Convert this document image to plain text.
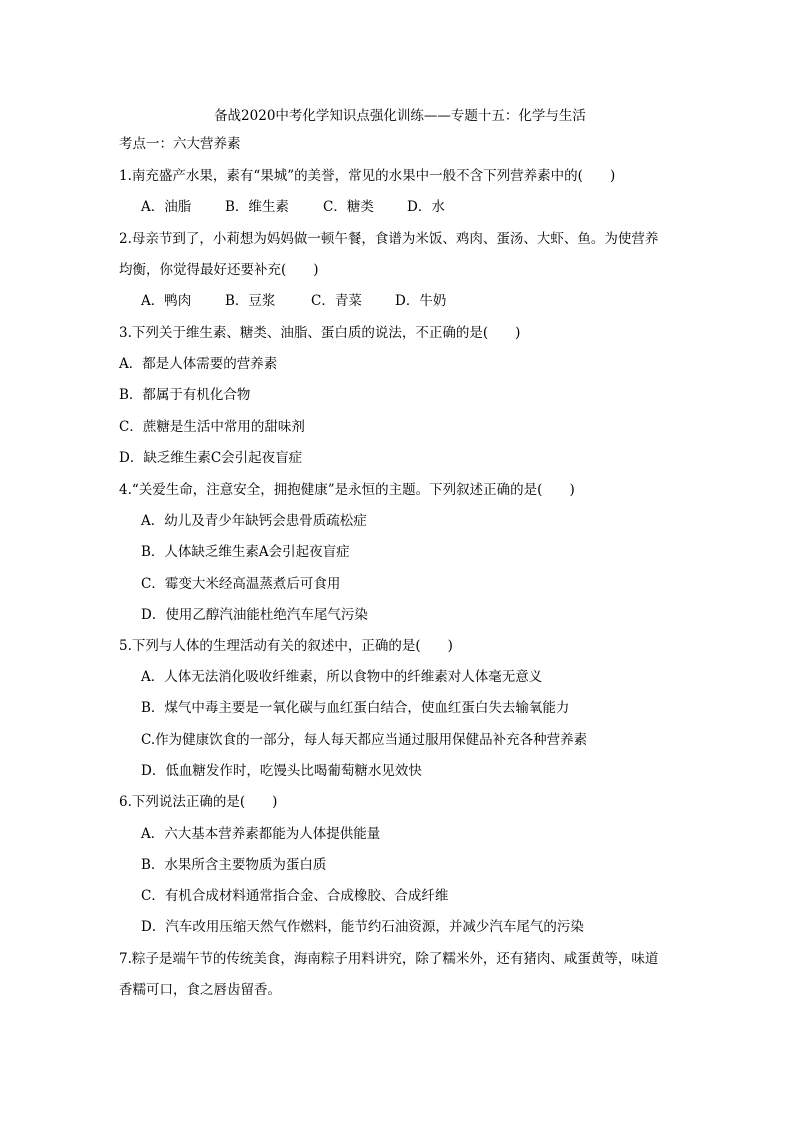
备战2020中考化学知识点强化训练——专题十五：化学与生活
考点一：六大营养素
1.南充盛产水果，素有“果城”的美誉，常见的水果中一般不含下列营养素中的(　　)
A．油脂	B．维生素	C．糖类 D．水
2.母亲节到了，小莉想为妈妈做一顿午餐，食谱为米饭、鸡肉、蛋汤、大虾、鱼。为使营养
均衡，你觉得最好还要补充(　　)
A．鸭肉	B．豆浆	C．青菜 D．牛奶
3.下列关于维生素、糖类、油脂、蛋白质的说法，不正确的是(　　)
A．都是人体需要的营养素
B．都属于有机化合物
C．蔗糖是生活中常用的甜味剂
D．缺乏维生素C会引起夜盲症
4.“关爱生命，注意安全，拥抱健康”是永恒的主题。下列叙述正确的是(　　)
A．幼儿及青少年缺钙会患骨质疏松症
B．人体缺乏维生素A会引起夜盲症
C．霉变大米经高温蒸煮后可食用
D．使用乙醇汽油能杜绝汽车尾气污染
5.下列与人体的生理活动有关的叙述中，正确的是(　　)
A．人体无法消化吸收纤维素，所以食物中的纤维素对人体毫无意义
B．煤气中毒主要是一氧化碳与血红蛋白结合，使血红蛋白失去输氧能力
C.作为健康饮食的一部分，每人每天都应当通过服用保健品补充各种营养素
D．低血糖发作时，吃馒头比喝葡萄糖水见效快
6.下列说法正确的是(　　)
A．六大基本营养素都能为人体提供能量
B．水果所含主要物质为蛋白质
C．有机合成材料通常指合金、合成橡胶、合成纤维
D．汽车改用压缩天然气作燃料，能节约石油资源，并减少汽车尾气的污染
7.粽子是端午节的传统美食，海南粽子用料讲究，除了糯米外，还有猪肉、咸蛋黄等，味道
香糯可口，食之唇齿留香。
